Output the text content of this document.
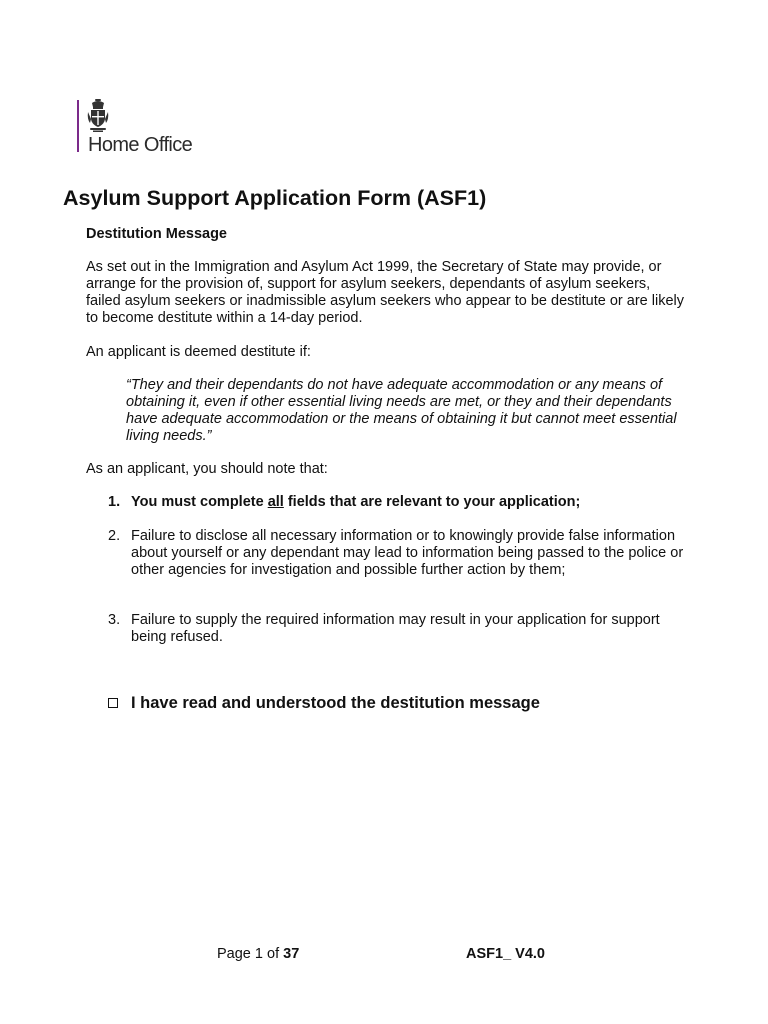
Home Office
Asylum Support Application Form (ASF1)
Destitution Message

As set out in the Immigration and Asylum Act 1999, the Secretary of State may provide, or arrange for the provision of, support for asylum seekers, dependants of asylum seekers, failed asylum seekers or inadmissible asylum seekers who appear to be destitute or are likely to become destitute within a 14-day period.

An applicant is deemed destitute if:

“They and their dependants do not have adequate accommodation or any means of obtaining it, even if other essential living needs are met, or they and their dependants have adequate accommodation or the means of obtaining it but cannot meet essential living needs.”

As an applicant, you should note that:

1. You must complete all fields that are relevant to your application;
2. Failure to disclose all necessary information or to knowingly provide false information about yourself or any dependant may lead to information being passed to the police or other agencies for investigation and possible further action by them;
3. Failure to supply the required information may result in your application for support being refused.
I have read and understood the destitution message
Page 1 of 37	ASF1_ V4.0
